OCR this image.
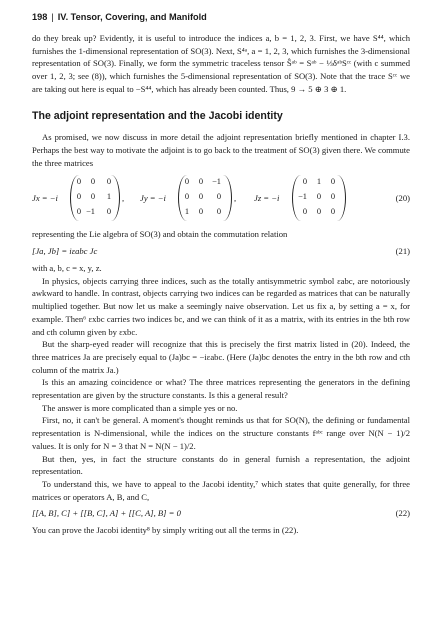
198 | IV. Tensor, Covering, and Manifold

do they break up? Evidently, it is useful to introduce the indices a, b = 1, 2, 3. First, we have S⁴⁴, which furnishes the 1-dimensional representation of SO(3). Next, S⁴ᵃ, a = 1, 2, 3, which furnishes the 3-dimensional representation of SO(3). Finally, we form the symmetric traceless tensor Ŝᵃᵇ = Sᵃᵇ − ⅓δᵃᵇSᶜᶜ (with c summed over 1, 2, 3; see (8)), which furnishes the 5-dimensional representation of SO(3). Note that the trace Sᶜᶜ we are taking out here is equal to −S⁴⁴, which has already been counted. Thus, 9 → 5 ⊕ 3 ⊕ 1.

The adjoint representation and the Jacobi identity

As promised, we now discuss in more detail the adjoint representation briefly mentioned in chapter I.3. Perhaps the best way to motivate the adjoint is to go back to the treatment of SO(3) given there. We commute the three matrices

Jx = −i
0	0	0
0	0	1
0 −1	0
, Jy = −i
0	0	−1
0	0	0
1	0	0
, Jz = −i
0	1	0
−1	0	0
0	0	0
(20)

representing the Lie algebra of SO(3) and obtain the commutation relation

[Ja, Jb] = iεabc Jc	(21)

with a, b, c = x, y, z.

In physics, objects carrying three indices, such as the totally antisymmetric symbol εabc, are notoriously awkward to handle. In contrast, objects carrying two indices can be regarded as matrices that can be naturally multiplied together. But now let us make a seemingly naive observation. Let us fix a, by setting a = x, for example. Then⁶ εxbc carries two indices bc, and we can think of it as a matrix, with its entries in the bth row and cth column given by εxbc.

But the sharp-eyed reader will recognize that this is precisely the first matrix listed in (20). Indeed, the three matrices Ja are precisely equal to (Ja)bc = −iεabc. (Here (Ja)bc denotes the entry in the bth row and cth column of the matrix Ja.)

Is this an amazing coincidence or what? The three matrices representing the generators in the defining representation are given by the structure constants. Is this a general result?

The answer is more complicated than a simple yes or no.

First, no, it can't be general. A moment's thought reminds us that for SO(N), the defining or fundamental representation is N-dimensional, while the indices on the structure constants fᵃᵇᶜ range over N(N − 1)/2 values. It is only for N = 3 that N = N(N − 1)/2.

But then, yes, in fact the structure constants do in general furnish a representation, the adjoint representation.

To understand this, we have to appeal to the Jacobi identity,⁷ which states that quite generally, for three matrices or operators A, B, and C,

[[A, B], C] + [[B, C], A] + [[C, A], B] = 0	(22)

You can prove the Jacobi identity⁸ by simply writing out all the terms in (22).
